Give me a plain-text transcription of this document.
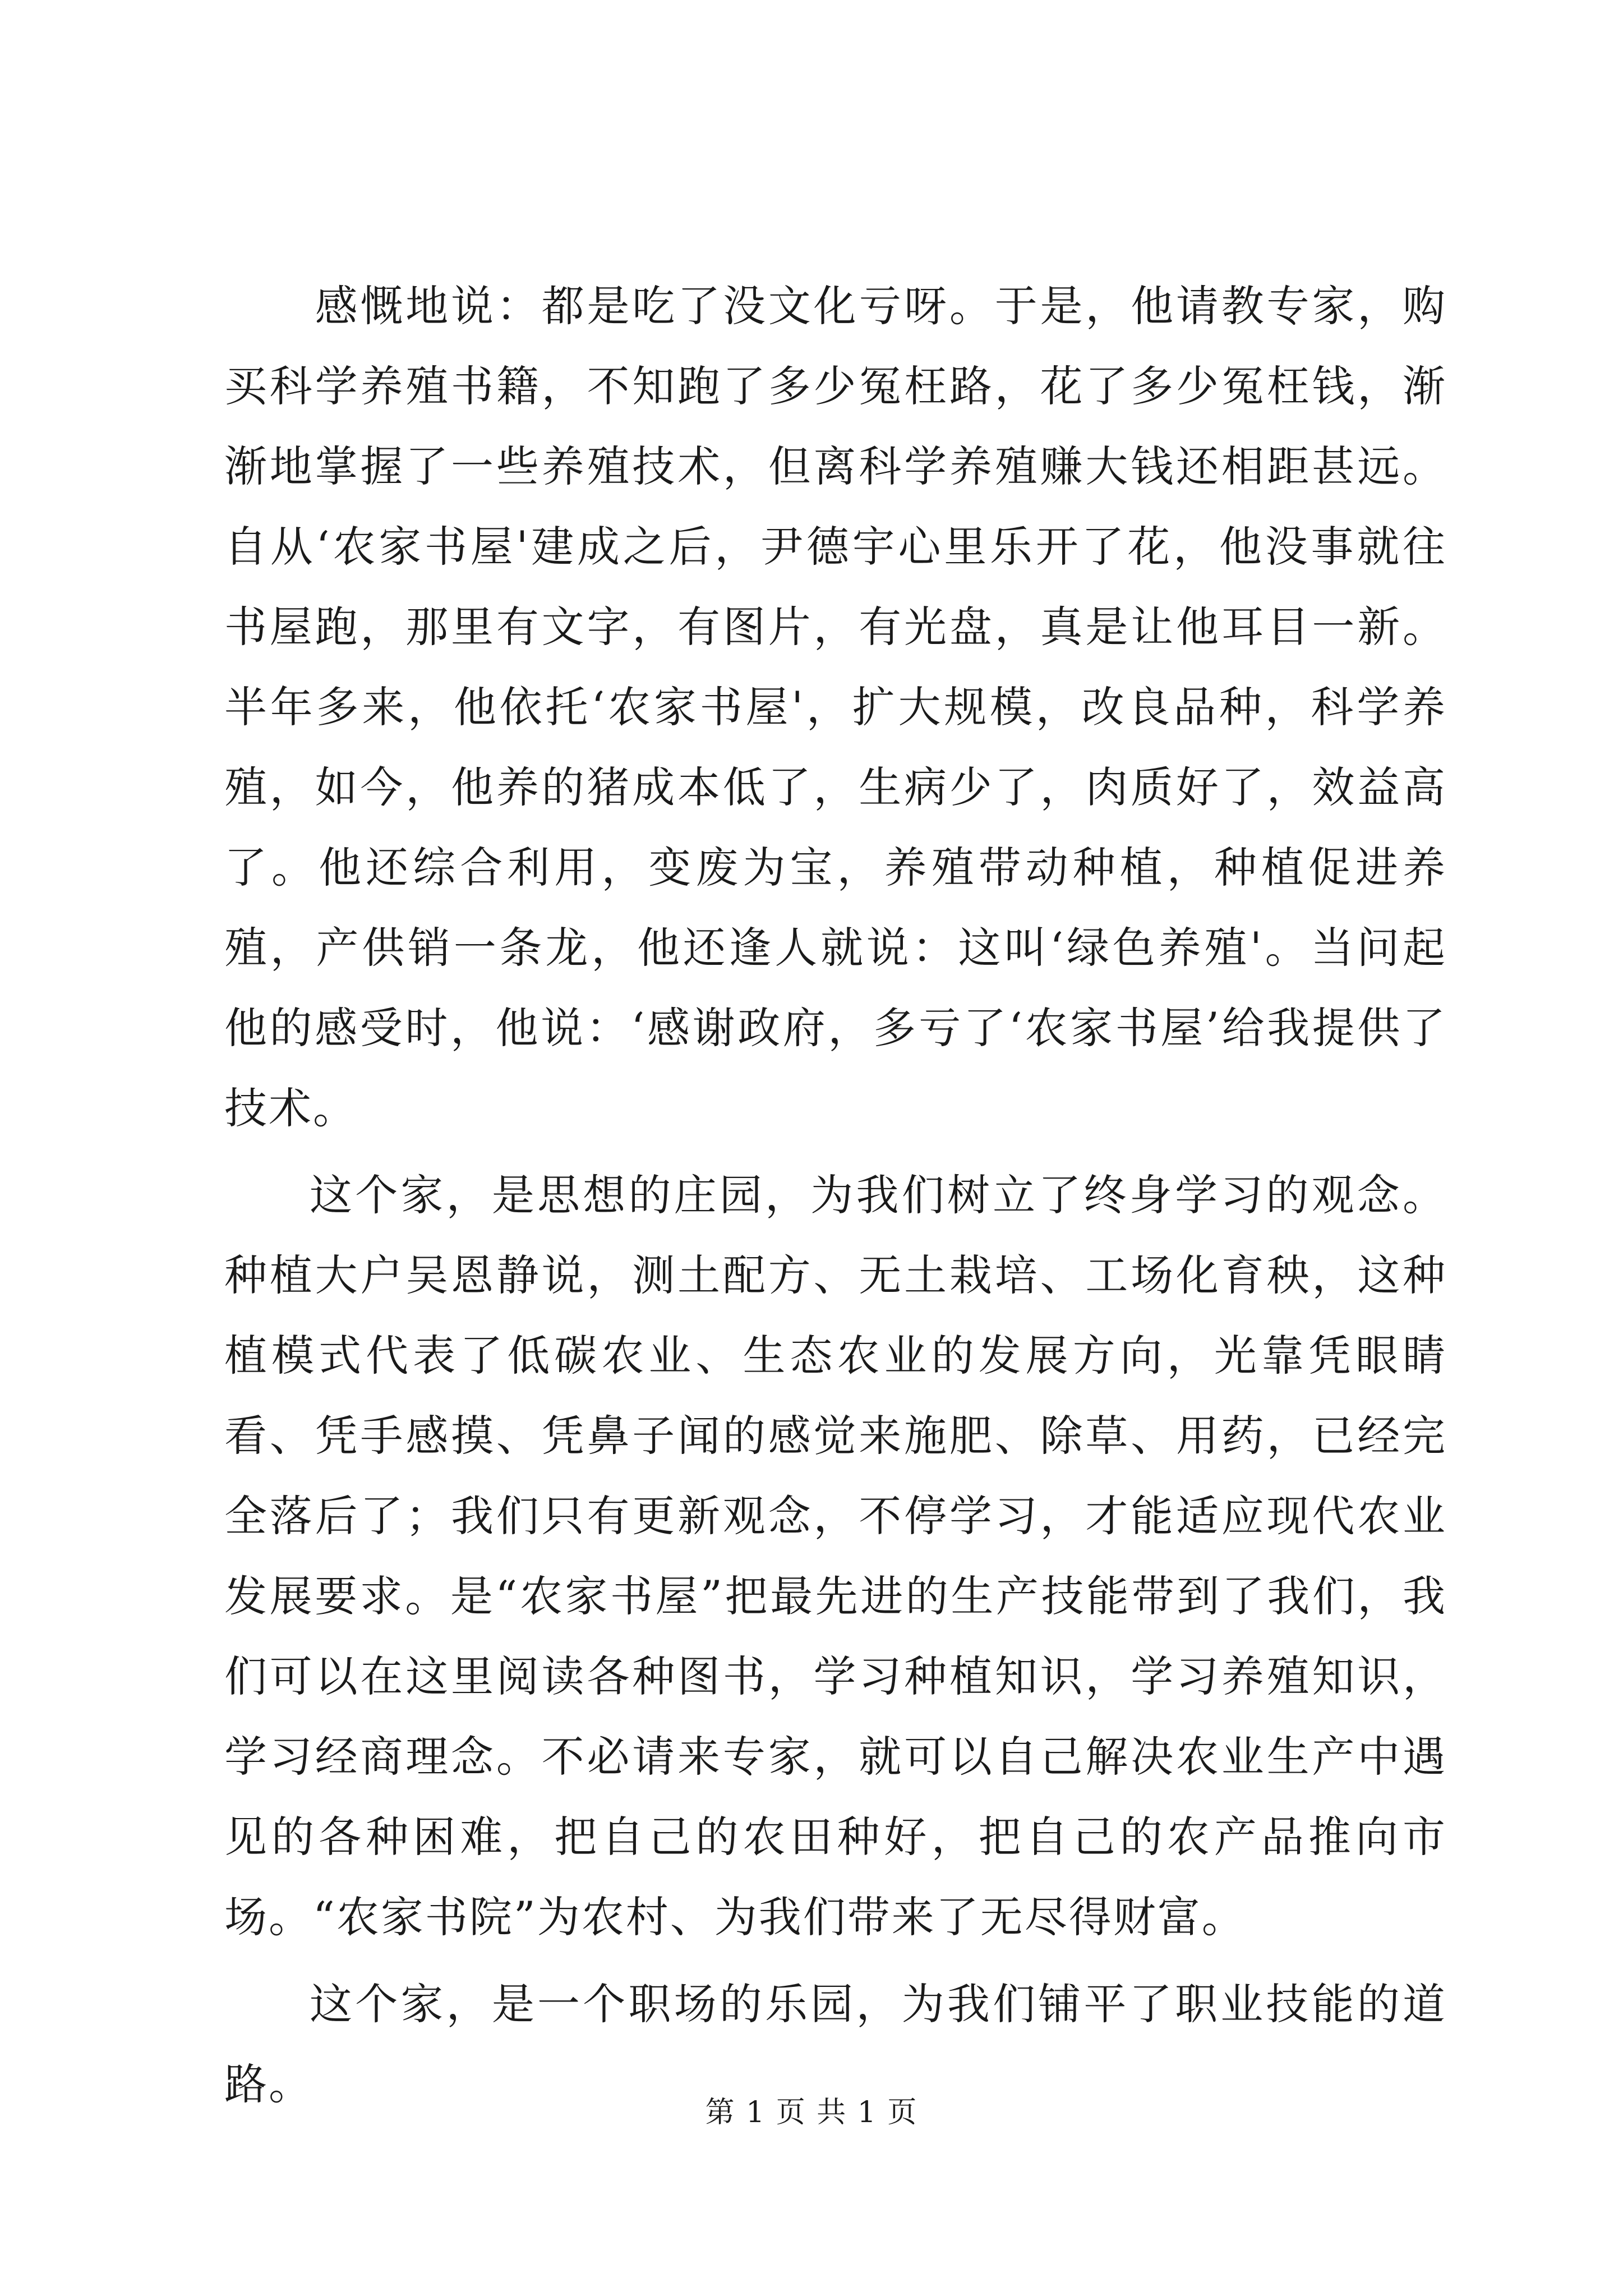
　　感慨地说：都是吃了没文化亏呀。于是，他请教专家，购买科学养殖书籍，不知跑了多少冤枉路，花了多少冤枉钱，渐渐地掌握了一些养殖技术，但离科学养殖赚大钱还相距甚远。自从‘农家书屋'建成之后，尹德宇心里乐开了花，他没事就往书屋跑，那里有文字，有图片，有光盘，真是让他耳目一新。半年多来，他依托‘农家书屋'，扩大规模，改良品种，科学养殖，如今，他养的猪成本低了，生病少了，肉质好了，效益高了。他还综合利用，变废为宝，养殖带动种植，种植促进养殖，产供销一条龙，他还逢人就说：这叫‘绿色养殖'。当问起他的感受时，他说：‘感谢政府，多亏了‘农家书屋’给我提供了技术。

这个家，是思想的庄园，为我们树立了终身学习的观念。种植大户吴恩静说，测土配方、无土栽培、工场化育秧，这种植模式代表了低碳农业、生态农业的发展方向，光靠凭眼睛看、凭手感摸、凭鼻子闻的感觉来施肥、除草、用药，已经完全落后了；我们只有更新观念，不停学习，才能适应现代农业发展要求。是“农家书屋”把最先进的生产技能带到了我们，我们可以在这里阅读各种图书，学习种植知识，学习养殖知识，学习经商理念。不必请来专家，就可以自己解决农业生产中遇见的各种困难，把自己的农田种好，把自己的农产品推向市场。“农家书院”为农村、为我们带来了无尽得财富。

这个家，是一个职场的乐园，为我们铺平了职业技能的道路。

第 1 页 共 1 页
